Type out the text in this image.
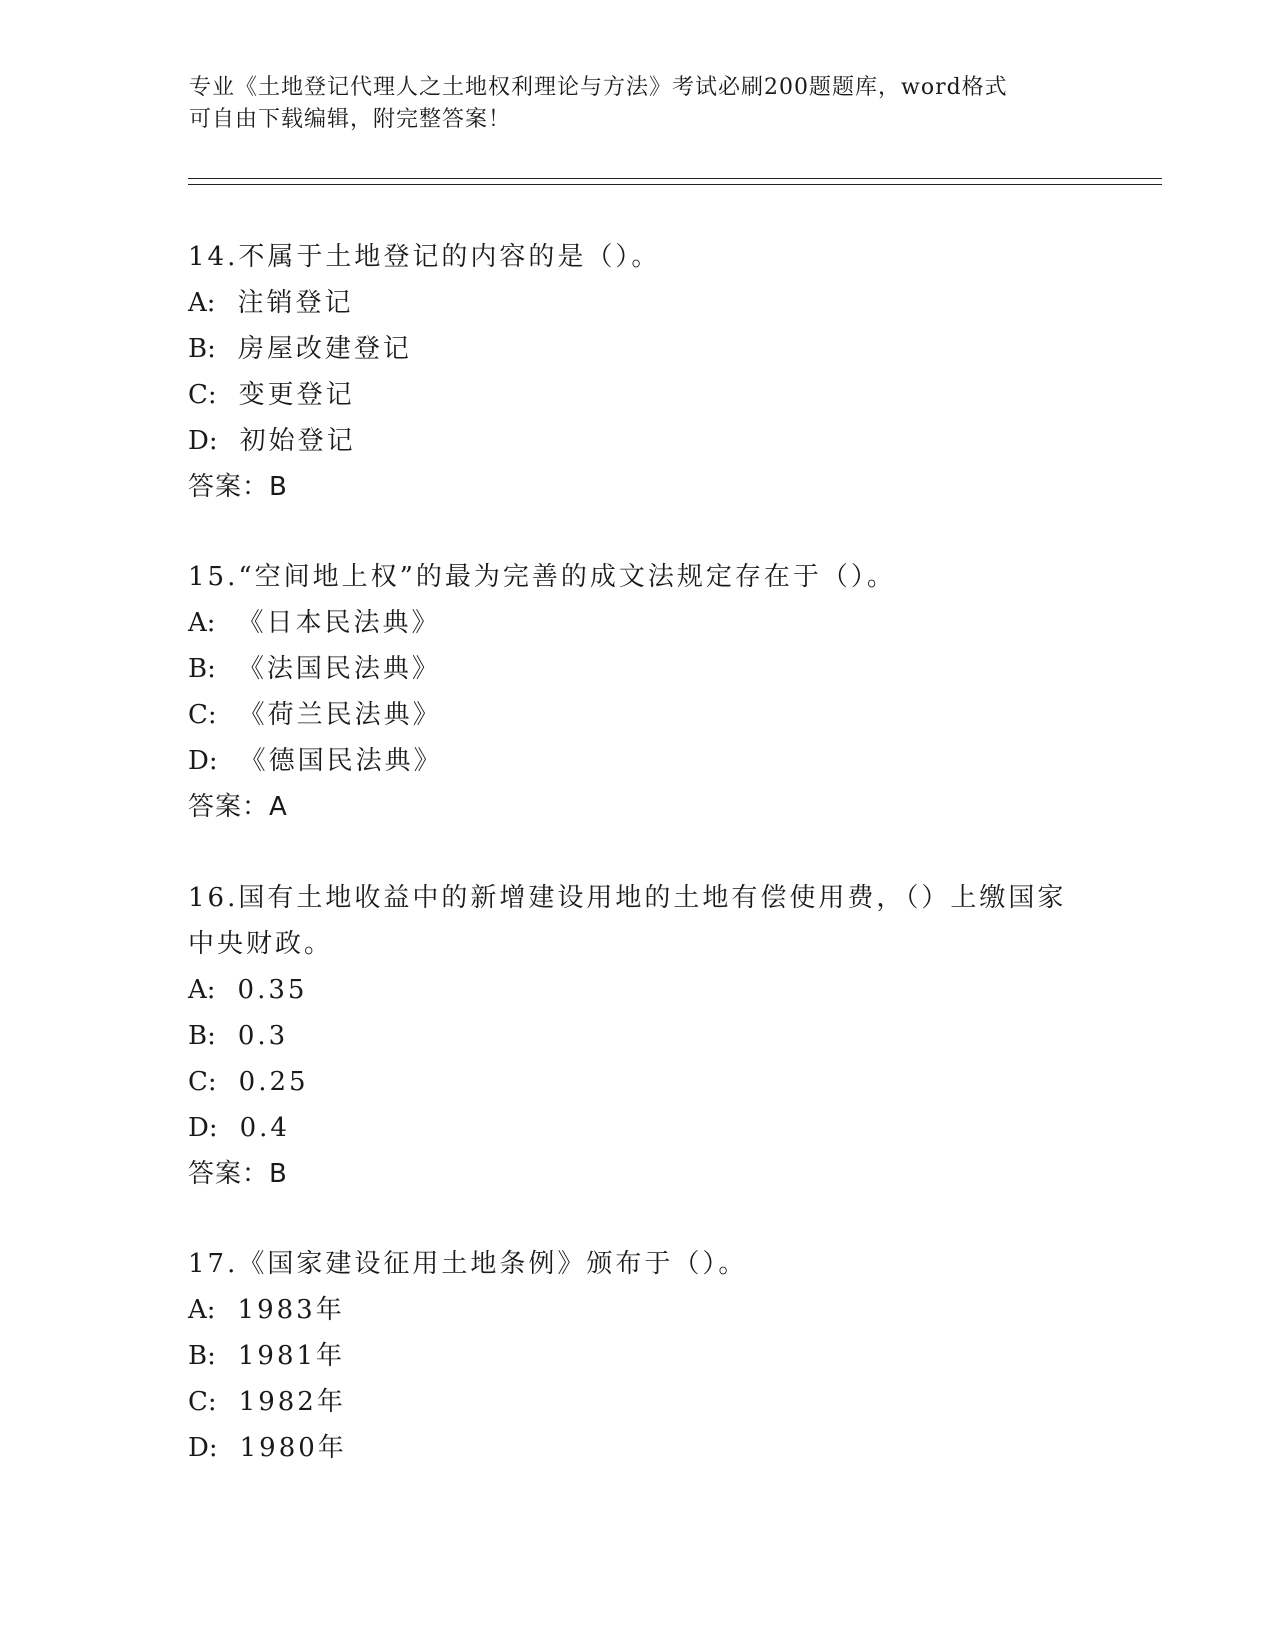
专业《土地登记代理人之土地权利理论与方法》考试必刷200题题库，word格式
可自由下载编辑，附完整答案！
14.不属于土地登记的内容的是（）。
A: 注销登记
B: 房屋改建登记
C: 变更登记
D: 初始登记
答案：B
15.“空间地上权”的最为完善的成文法规定存在于（）。
A: 《日本民法典》
B: 《法国民法典》
C: 《荷兰民法典》
D: 《德国民法典》
答案：A
16.国有土地收益中的新增建设用地的土地有偿使用费，（）上缴国家
中央财政。
A: 0.35
B: 0.3
C: 0.25
D: 0.4
答案：B
17.《国家建设征用土地条例》颁布于（）。
A: 1983年
B: 1981年
C: 1982年
D: 1980年
